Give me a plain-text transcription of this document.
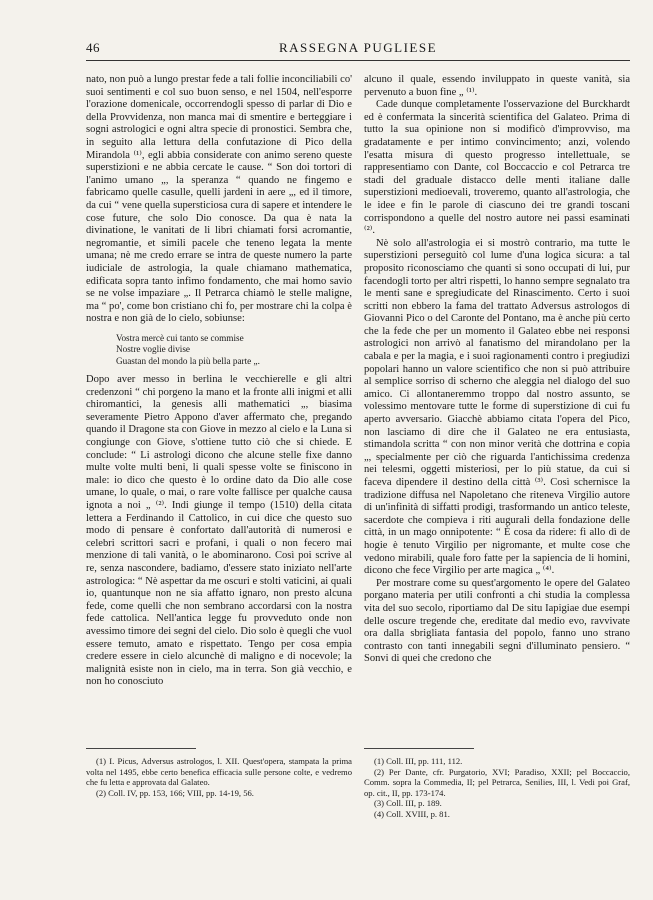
46	RASSEGNA PUGLIESE

nato, non può a lungo prestar fede a tali follie inconciliabili co' suoi sentimenti e col suo buon senso, e nel 1504, nell'esporre l'orazione domenicale, occorrendogli spesso di parlar di Dio e della Provvidenza, non manca mai di smentire e berteggiare i sogni astrologici e ogni altra specie di pronostici. Sembra che, in seguito alla lettura della confutazione di Pico della Mirandola ⁽¹⁾, egli abbia considerate con animo sereno queste superstizioni e ne abbia cercate le cause. “ Son doi tortori di l'animo umano „, la speranza “ quando ne fingemo e fabricamo quelle casulle, quelli jardeni in aere „, ed il timore, da cui “ vene quella supersticiosa cura di sapere et intendere le cose future, che solo Dio conosce. Da qua è nata la divinatione, le vanitati de li libri chiamati forsi acromantie, negromantie, et simili pacele che teneno legata la mente umana; nè me credo errare se intra de queste numero la parte iudiciale de astrologia, la quale chiamano mathematica, edificata sopra tanto infimo fondamento, che mai homo savio se ne volse impaziare „. Il Petrarca chiamò le stelle maligne, ma “ po', come bon cristiano chi fo, per mostrare chi la colpa è nostra e non già de lo cielo, sobiunse:

Vostra mercè cui tanto se commise
Nostre voglie divise
Guastan del mondo la più bella parte „.

Dopo aver messo in berlina le vecchierelle e gli altri credenzoni “ chi porgeno la mano et la fronte alli inigmi et alli chiromantici, la genesis alli mathematici „, biasima severamente Pietro Appono d'aver affermato che, pregando quando il Dragone sta con Giove in mezzo al cielo e la Luna si congiunge con Giove, s'ottiene tutto ciò che si chiede. E conclude: “ Li astrologi dicono che alcune stelle fixe danno multe volte multi beni, li quali spesse volte se finiscono in male: io dico che questo è lo ordine dato da Dio alle cose umane, lo quale, o mai, o rare volte fallisce per qualche causa ignota a noi „ ⁽²⁾. Indi giunge il tempo (1510) della citata lettera a Ferdinando il Cattolico, in cui dice che questo suo modo di pensare è confortato dall'autorità di numerosi e celebri scrittori sacri e profani, i quali o non fecero mai menzione di tali vanità, o le abominarono. Così poi scrive al re, senza nascondere, badiamo, d'essere stato iniziato nell'arte astrologica: “ Nè aspettar da me oscuri e stolti vaticini, ai quali io, quantunque non ne sia affatto ignaro, non presto alcuna fede, come quelli che non sembrano accordarsi con la nostra fede cattolica. Nell'antica legge fu provveduto onde non avessimo timore dei segni del cielo. Dio solo è quegli che vuol essere temuto, amato e rispettato. Tengo per cosa empia credere essere in cielo alcunchè di maligno e di nocevole; la malignità esiste non in cielo, ma in terra. Son già vecchio, e non ho conosciuto

alcuno il quale, essendo inviluppato in queste vanità, sia pervenuto a buon fine „ ⁽¹⁾.

Cade dunque completamente l'osservazione del Burckhardt ed è confermata la sincerità scientifica del Galateo. Prima di tutto la sua opinione non si modificò d'improvviso, ma gradatamente e per intimo convincimento; anzi, volendo l'esatta misura di questo progresso intellettuale, se rappresentiamo con Dante, col Boccaccio e col Petrarca tre stadi del graduale distacco delle menti italiane dalle superstizioni medioevali, troveremo, quanto all'astrologia, che le idee e fin le parole di ciascuno dei tre grandi toscani corrispondono a quelle del nostro autore nei passi esaminati ⁽²⁾.

Nè solo all'astrologia ei si mostrò contrario, ma tutte le superstizioni perseguitò col lume d'una logica sicura: a tal proposito riconosciamo che quanti si sono occupati di lui, pur facendogli torto per altri rispetti, lo hanno sempre segnalato tra le menti sane e spregiudicate del Rinascimento. Certo i suoi scritti non ebbero la fama del trattato Adversus astrologos di Giovanni Pico o del Caronte del Pontano, ma è anche più certo che la fede che per un momento il Galateo ebbe nei responsi astrologici non arrivò al fanatismo del mirandolano per la cabala e per la magia, e i suoi ragionamenti contro i pregiudizi popolari hanno un valore scientifico che non si può attribuire al semplice sorriso di scherno che aleggia nel dialogo del suo amico. Ci allontaneremmo troppo dal nostro assunto, se volessimo mentovare tutte le forme di superstizione di cui fu aperto avversario. Giacchè abbiamo citata l'opera del Pico, non lasciamo di dire che il Galateo ne era entusiasta, stimandola scritta “ con non minor verità che dottrina e copia „, specialmente per ciò che riguarda l'antichissima credenza nei telesmi, oggetti misteriosi, per lo più statue, da cui si faceva dipendere il destino della città ⁽³⁾. Così schernisce la tradizione diffusa nel Napoletano che riteneva Virgilio autore di un'infinità di siffatti prodigi, trasformando un antico teleste, sacerdote che compieva i riti augurali della fondazione delle città, in un mago onnipotente: “ È cosa da ridere: fi allo dì de hogie è tenuto Virgilio per nigromante, et multe cose che vedono mirabili, quale foro fatte per la sapiencia de li homini, dicono che fece Virgilio per arte magica „ ⁽⁴⁾.

Per mostrare come su quest'argomento le opere del Galateo porgano materia per utili confronti a chi studia la complessa vita del suo secolo, riportiamo dal De situ Iapigiae due esempi delle oscure tregende che, ereditate dal medio evo, ravvivate ora dalla sbrigliata fantasia del popolo, fanno uno strano contrasto con tanti innegabili segni d'illuminato pensiero. “ Sonvi di quei che credono che

(1) I. Picus, Adversus astrologos, l. XII. Quest'opera, stampata la prima volta nel 1495, ebbe certo benefica efficacia sulle persone colte, e vedremo che fu letta e approvata dal Galateo.

(2) Coll. IV, pp. 153, 166; VIII, pp. 14-19, 56.

(1) Coll. III, pp. 111, 112.

(2) Per Dante, cfr. Purgatorio, XVI; Paradiso, XXII; pel Boccaccio, Comm. sopra la Commedia, II; pel Petrarca, Senilies, III, l. Vedi poi Graf, op. cit., II, pp. 173-174.

(3) Coll. III, p. 189.

(4) Coll. XVIII, p. 81.
